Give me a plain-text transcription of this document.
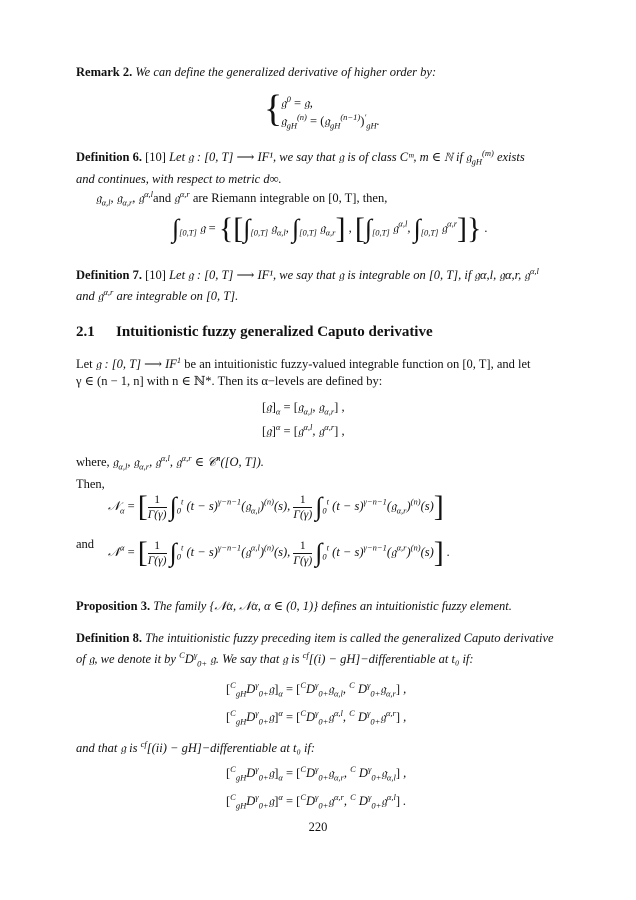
Remark 2. We can define the generalized derivative of higher order by:
{
𝔤$^0$ = 𝔤,
𝔤$_{gH}^{(n)}$ = $(𝔤_{gH}^{(n-1)})'_{gH}$.
Definition 6. [10] Let 𝔤 : [0, T] ⟶ IF¹, we say that 𝔤 is of class Cᵐ, m ∈ ℕ if 𝔤$_{gH}^{(m)}$ exists
and continues, with respect to metric d∞.
𝔤$_{\alpha,l}$, 𝔤$_{\alpha,r}$, 𝔤$^{\alpha,l}$and 𝔤$^{\alpha,r}$ are Riemann integrable on [0, T], then,
$\int_{[0,T]}$ 𝔤 = {[$\int_{[0,T]}$ 𝔤$_{\alpha,l}$, $\int_{[0,T]}$ 𝔤$_{\alpha,r}$] , [$\int_{[0,T]}$ 𝔤$^{\alpha,l}$, $\int_{[0,T]}$ 𝔤$^{\alpha,r}$]} .
Definition 7. [10] Let 𝔤 : [0, T] ⟶ IF¹, we say that 𝔤 is integrable on [0, T], if 𝔤α,l, 𝔤α,r, 𝔤$^{\alpha,l}$
and 𝔤$^{\alpha,r}$ are integrable on [0, T].
2.1 Intuitionistic fuzzy generalized Caputo derivative
Let 𝔤 : [0, T] ⟶ $IF^1$ be an intuitionistic fuzzy-valued integrable function on [0, T], and let
γ ∈ (n − 1, n] with n ∈ ℕ*. Then its α−levels are defined by:
$[𝔤]_\alpha$ = [𝔤$_{\alpha,l}$, 𝔤$_{\alpha,r}$] ,
[𝔤]$^\alpha$ = [𝔤$^{\alpha,l}$, 𝔤$^{\alpha,r}$] ,
where, 𝔤$_{\alpha,l}$, 𝔤$_{\alpha,r}$, 𝔤$^{\alpha,l}$, 𝔤$^{\alpha,r}$ ∈ 𝒞$^n$([O, T]).
Then,
𝒩$_\alpha$ = [ $\frac{1}{\Gamma(\gamma)} \int_0^t$ $(t - s)^{\gamma-n-1}(𝔤_{\alpha,l})^{(n)}(s)$, $\frac{1}{\Gamma(\gamma)} \int_0^t$ $(t - s)^{\gamma-n-1}(𝔤_{\alpha,r})^{(n)}(s)$]
and
𝒩$^\alpha$ = [ $\frac{1}{\Gamma(\gamma)} \int_0^t$ $(t - s)^{\gamma-n-1}(𝔤^{\alpha,l})^{(n)}(s)$, $\frac{1}{\Gamma(\gamma)} \int_0^t$ $(t - s)^{\gamma-n-1}(𝔤^{\alpha,r})^{(n)}(s)$] .
Proposition 3. The family {𝒩α, 𝒩α, α ∈ (0, 1)} defines an intuitionistic fuzzy element.
Definition 8. The intuitionistic fuzzy preceding item is called the generalized Caputo derivative
of 𝔤, we denote it by $^CD^\gamma_{0+}$ 𝔤. We say that 𝔤 is $^{cf}$[(i) − gH]−differentiable at t₀ if:
$[^C_{gH}D^\gamma_{0+}𝔤]_\alpha$ = [$^CD^\gamma_{0+}𝔤_{\alpha,l}$, $^C$ $D^\gamma_{0+}𝔤_{\alpha,r}$] ,
$[^C_{gH}D^\gamma_{0+}𝔤]^\alpha$ = [$^CD^\gamma_{0+}𝔤^{\alpha,l}$, $^C$ $D^\gamma_{0+}𝔤^{\alpha,r}$] ,
and that 𝔤 is $^{cf}$[(ii) − gH]−differentiable at t₀ if:
$[^C_{gH}D^\gamma_{0+}𝔤]_\alpha$ = [$^CD^\gamma_{0+}𝔤_{\alpha,r}$, $^C$ $D^\gamma_{0+}𝔤_{\alpha,l}$] ,
$[^C_{gH}D^\gamma_{0+}𝔤]^\alpha$ = [$^CD^\gamma_{0+}𝔤^{\alpha,r}$, $^C$ $D^\gamma_{0+}𝔤^{\alpha,l}$] .
220
